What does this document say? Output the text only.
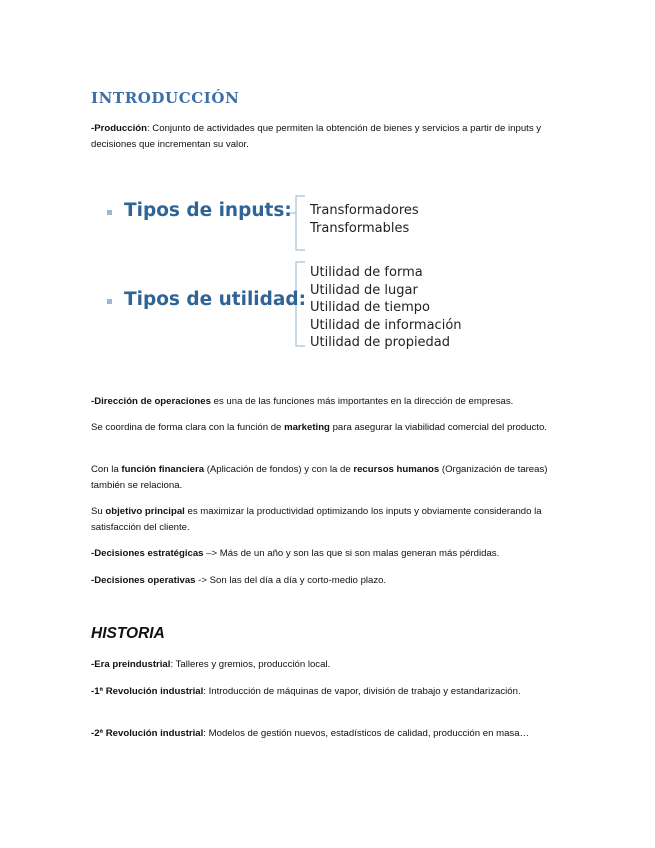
INTRODUCCIÓN
-Producción: Conjunto de actividades que permiten la obtención de bienes y servicios a partir de inputs y decisiones que incrementan su valor.
Tipos de inputs: Transformadores
Transformables
Tipos de utilidad:
Utilidad de forma
Utilidad de lugar
Utilidad de tiempo
Utilidad de información
Utilidad de propiedad
-Dirección de operaciones es una de las funciones más importantes en la dirección de empresas.
Se coordina de forma clara con la función de marketing para asegurar la viabilidad comercial del producto.
Con la función financiera (Aplicación de fondos) y con la de recursos humanos (Organización de tareas) también se relaciona.
Su objetivo principal es maximizar la productividad optimizando los inputs y obviamente considerando la satisfacción del cliente.
-Decisiones estratégicas –> Más de un año y son las que si son malas generan más pérdidas.
-Decisiones operativas -> Son las del día a día y corto-medio plazo.
HISTORIA
-Era preindustrial: Talleres y gremios, producción local.
-1ª Revolución industrial: Introducción de máquinas de vapor, división de trabajo y estandarización.
-2ª Revolución industrial: Modelos de gestión nuevos, estadísticos de calidad, producción en masa…
